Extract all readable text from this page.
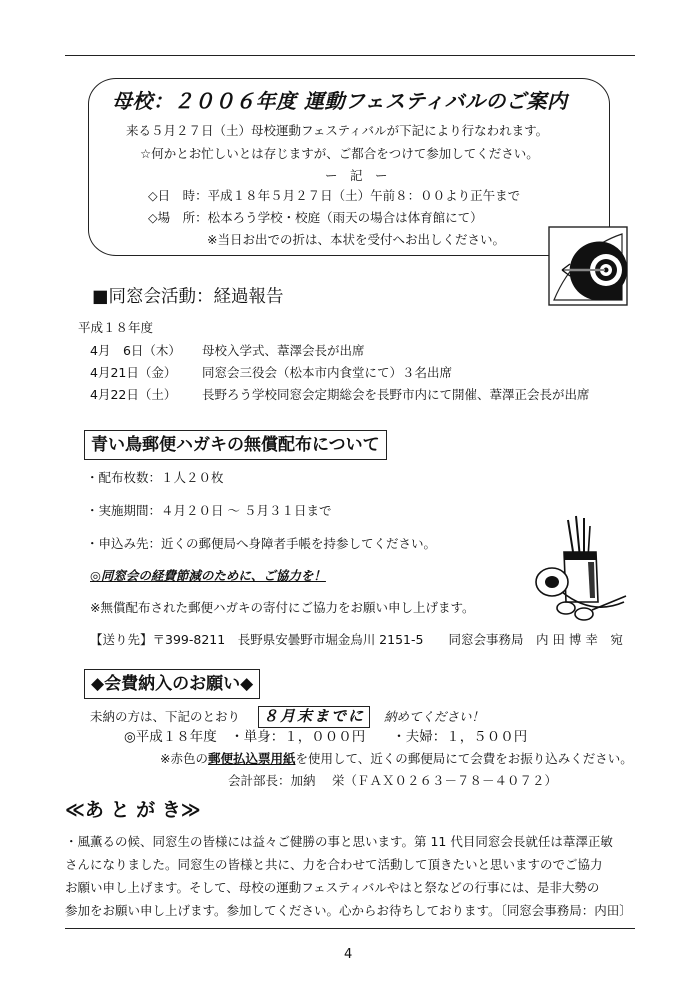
母校：２００６年度 運動フェスティバルのご案内
来る５月２７日（土）母校運動フェスティバルが下記により行なわれます。
☆何かとお忙しいとは存じますが、ご都合をつけて参加してください。
ー　記　ー
◇日　時：平成１８年５月２７日（土）午前８：００より正午まで
◇場　所：松本ろう学校・校庭（雨天の場合は体育館にて）
※当日お出での折は、本状を受付へお出しください。
■同窓会活動：経過報告
平成１８年度
4月　6日（木） 母校入学式、葦澤会長が出席
4月21日（金） 同窓会三役会（松本市内食堂にて）３名出席
4月22日（土） 長野ろう学校同窓会定期総会を長野市内にて開催、葦澤正会長が出席
青い鳥郵便ハガキの無償配布について
・配布枚数：１人２０枚
・実施期間：４月２０日 ～ ５月３１日まで
・申込み先：近くの郵便局へ身障者手帳を持参してください。
◎同窓会の経費節減のために、ご協力を！
※無償配布された郵便ハガキの寄付にご協力をお願い申し上げます。
【送り先】〒399-8211　長野県安曇野市堀金烏川 2151-5　　同窓会事務局　内 田 博 幸　宛
◆会費納入のお願い◆
未納の方は、下記のとおり ８月末までに 納めてください！
◎平成１８年度　・単身：１，０００円　　・夫婦：１，５００円
※赤色の郵便払込票用紙を使用して、近くの郵便局にて会費をお振り込みください。
会計部長：加納　 栄（ＦＡＸ０２６３－７８－４０７２）
≪あ と が き≫
・風薫るの候、同窓生の皆様には益々ご健勝の事と思います。第 11 代目同窓会長就任は葦澤正敏
さんになりました。同窓生の皆様と共に、力を合わせて活動して頂きたいと思いますのでご協力
お願い申し上げます。そして、母校の運動フェスティバルやはと祭などの行事には、是非大勢の
参加をお願い申し上げます。参加してください。心からお待ちしております。〔同窓会事務局：内田〕
4
